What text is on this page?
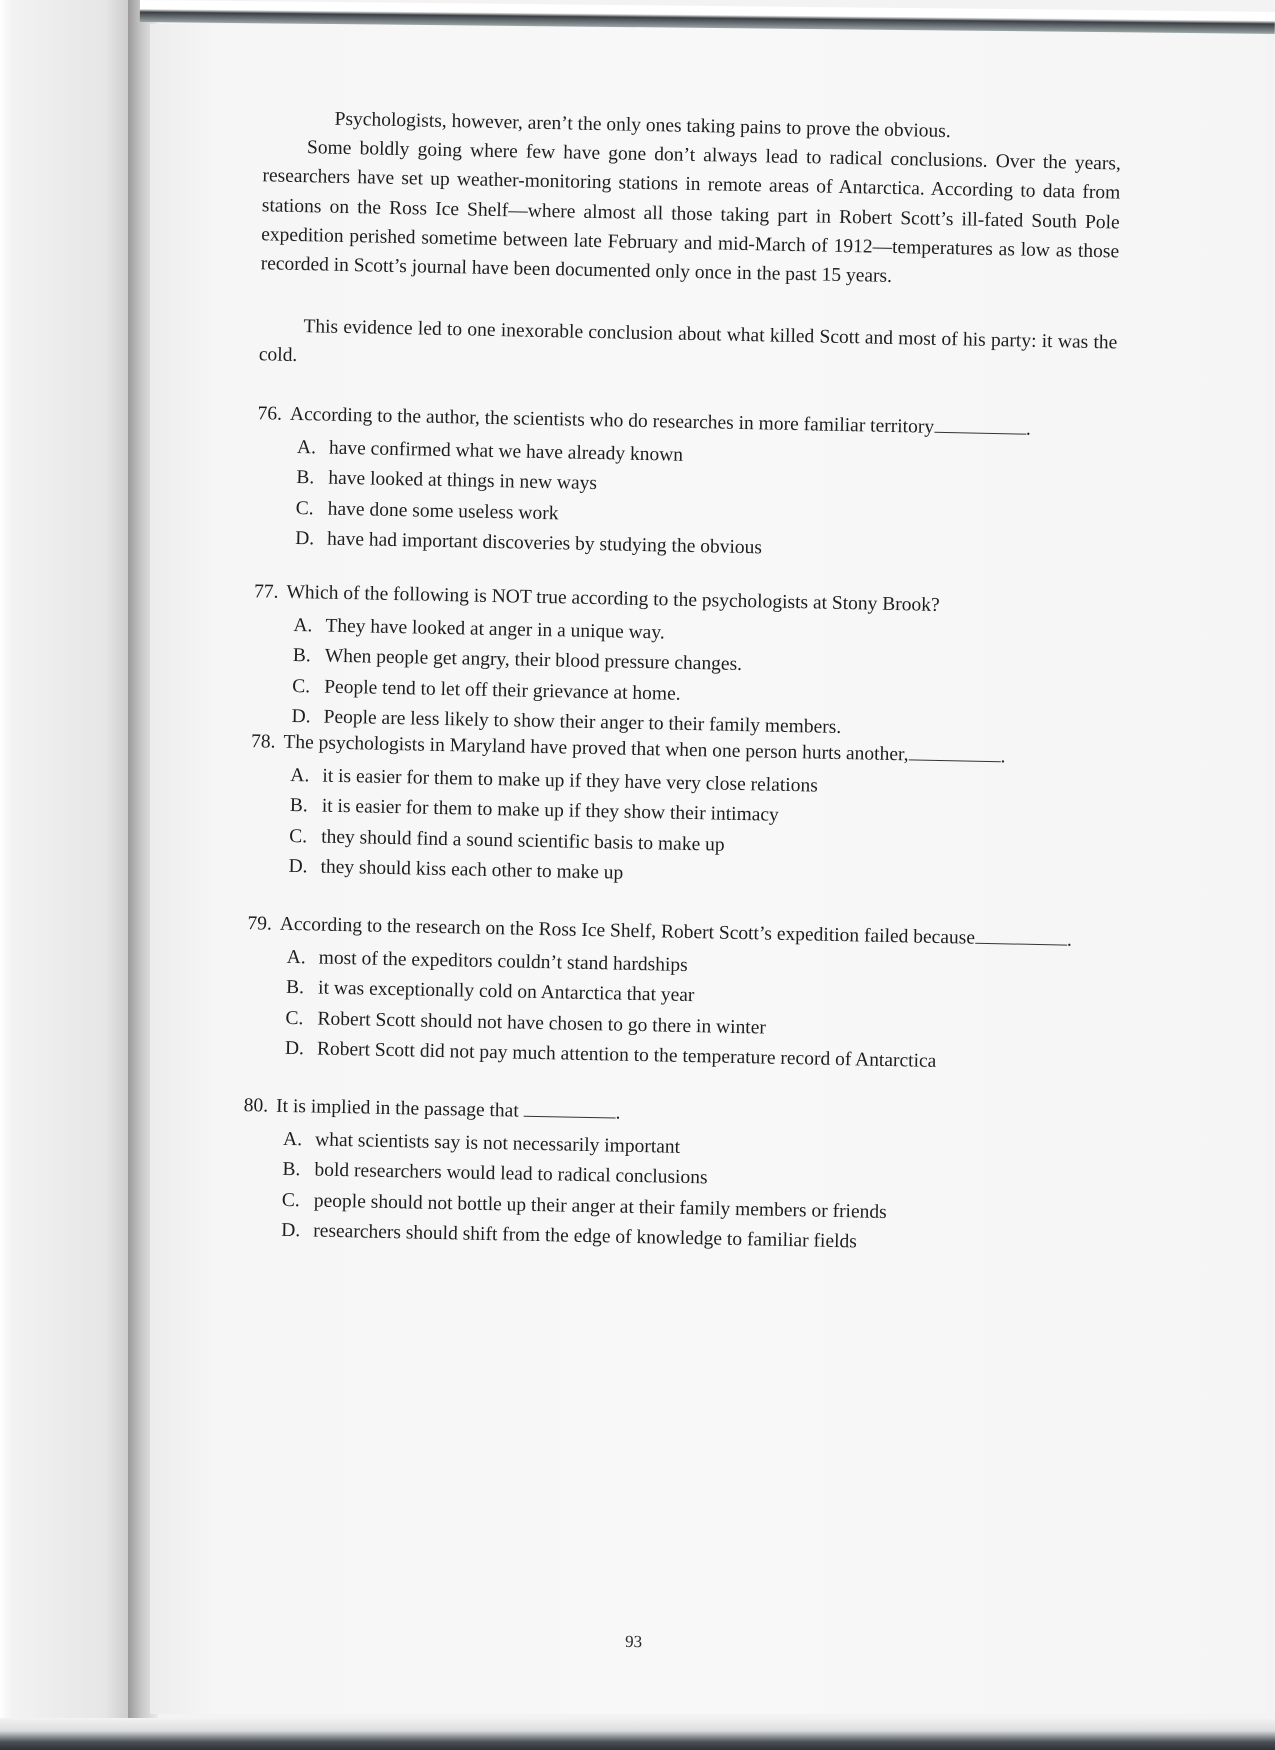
Psychologists, however, aren’t the only ones taking pains to prove the obvious.

Some boldly going where few have gone don’t always lead to radical conclusions. Over the years, researchers have set up weather-monitoring stations in remote areas of Antarctica. According to data from stations on the Ross Ice Shelf—where almost all those taking part in Robert Scott’s ill-fated South Pole expedition perished sometime between late February and mid-March of 1912—temperatures as low as those recorded in Scott’s journal have been documented only once in the past 15 years.

This evidence led to one inexorable conclusion about what killed Scott and most of his party: it was the cold.

76. According to the author, the scientists who do researches in more familiar territory	.
A. have confirmed what we have already known
B. have looked at things in new ways
C. have done some useless work
D. have had important discoveries by studying the obvious
77. Which of the following is NOT true according to the psychologists at Stony Brook?
A. They have looked at anger in a unique way.
B. When people get angry, their blood pressure changes.
C. People tend to let off their grievance at home.
D. People are less likely to show their anger to their family members.
78. The psychologists in Maryland have proved that when one person hurts another,	.
A. it is easier for them to make up if they have very close relations
B. it is easier for them to make up if they show their intimacy
C. they should find a sound scientific basis to make up
D. they should kiss each other to make up
79. According to the research on the Ross Ice Shelf, Robert Scott’s expedition failed because	.
A. most of the expeditors couldn’t stand hardships
B. it was exceptionally cold on Antarctica that year
C. Robert Scott should not have chosen to go there in winter
D. Robert Scott did not pay much attention to the temperature record of Antarctica
80. It is implied in the passage that	.
A. what scientists say is not necessarily important
B. bold researchers would lead to radical conclusions
C. people should not bottle up their anger at their family members or friends
D. researchers should shift from the edge of knowledge to familiar fields
93
